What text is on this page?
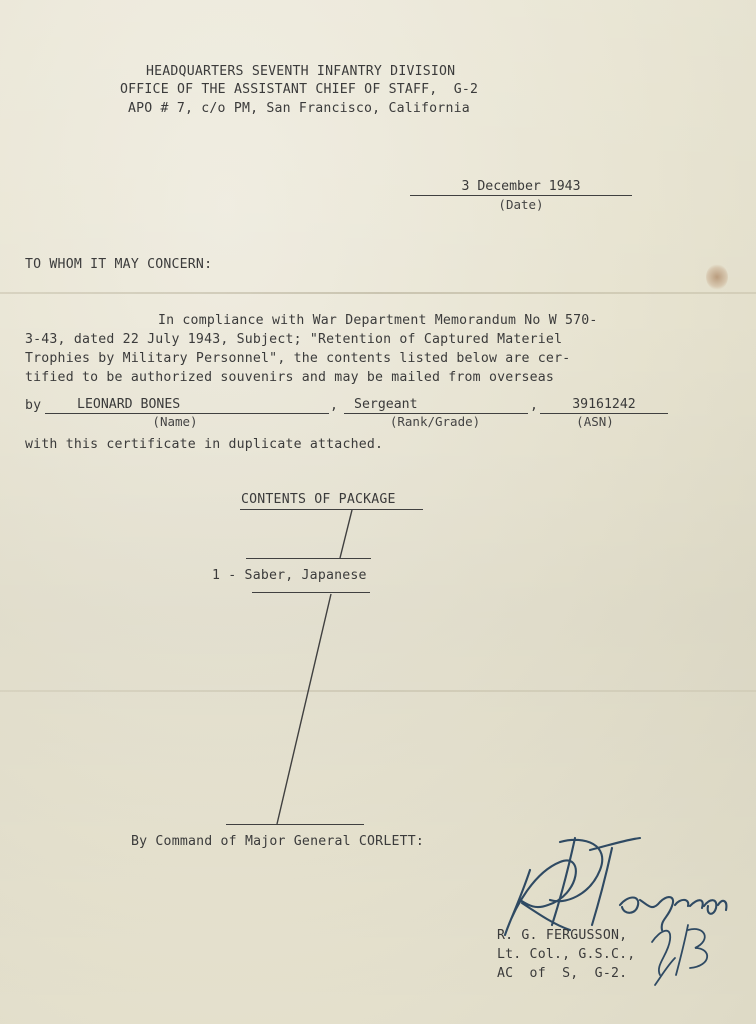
HEADQUARTERS SEVENTH INFANTRY DIVISION
OFFICE OF THE ASSISTANT CHIEF OF STAFF,  G-2
APO # 7, c/o PM, San Francisco, California
3 December 1943
(Date)
TO WHOM IT MAY CONCERN:
In compliance with War Department Memorandum No W 570-
3-43, dated 22 July 1943, Subject; "Retention of Captured Materiel
Trophies by Military Personnel", the contents listed below are cer-
tified to be authorized souvenirs and may be mailed from overseas
by	LEONARD BONES	,	Sergeant	,	39161242
(Name)	(Rank/Grade)	(ASN)
with this certificate in duplicate attached.
CONTENTS OF PACKAGE
1 - Saber, Japanese
By Command of Major General CORLETT:
R. G. FERGUSSON,
Lt. Col., G.S.C.,
AC  of  S,  G-2.
